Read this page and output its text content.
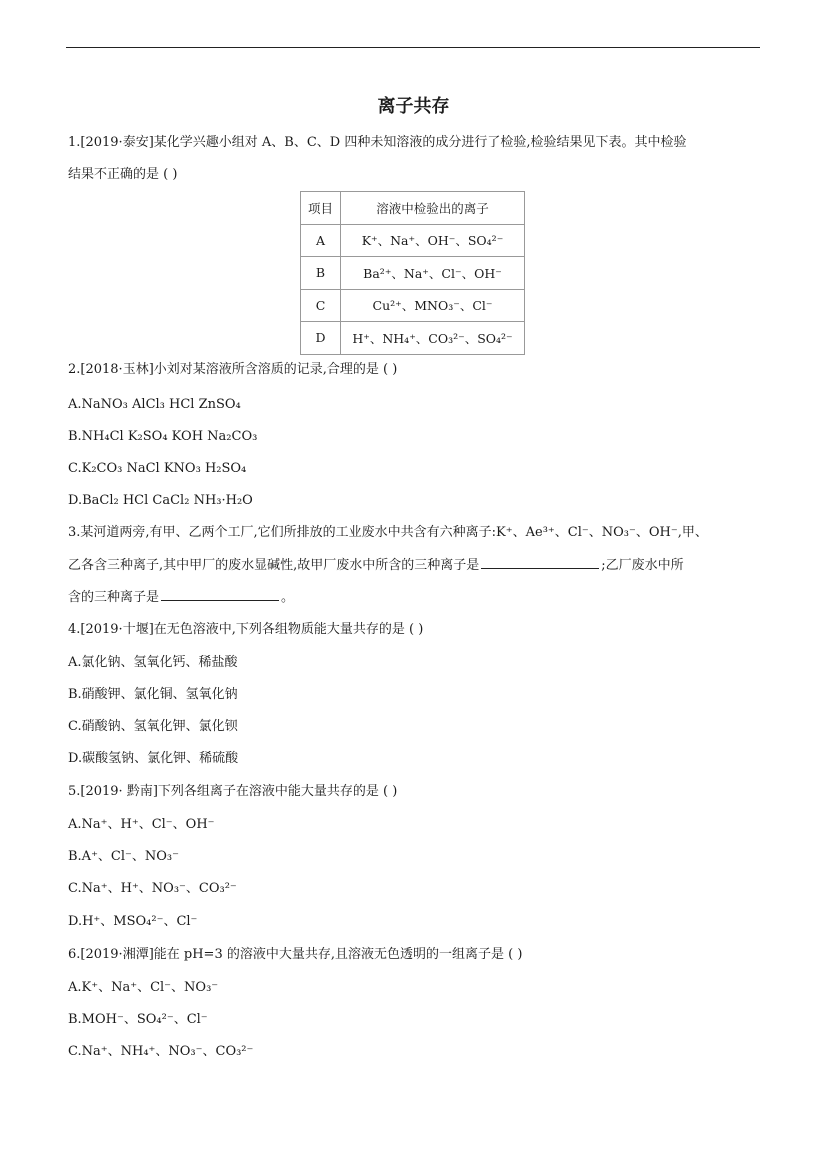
离子共存
1.[2019·泰安]某化学兴趣小组对 A、B、C、D 四种未知溶液的成分进行了检验,检验结果见下表。其中检验
结果不正确的是 ( )
项目	溶液中检验出的离子
A	K⁺、Na⁺、OH⁻、SO₄²⁻
B	Ba²⁺、Na⁺、Cl⁻、OH⁻
C	Cu²⁺、MNO₃⁻、Cl⁻
D	H⁺、NH₄⁺、CO₃²⁻、SO₄²⁻
2.[2018·玉林]小刘对某溶液所含溶质的记录,合理的是 ( )
A.NaNO₃ AlCl₃ HCl ZnSO₄
B.NH₄Cl K₂SO₄ KOH Na₂CO₃
C.K₂CO₃ NaCl KNO₃ H₂SO₄
D.BaCl₂ HCl CaCl₂ NH₃·H₂O
3.某河道两旁,有甲、乙两个工厂,它们所排放的工业废水中共含有六种离子:K⁺、Ae³⁺、Cl⁻、NO₃⁻、OH⁻,甲、
乙各含三种离子,其中甲厂的废水显碱性,故甲厂废水中所含的三种离子是	;乙厂废水中所
含的三种离子是	。
4.[2019·十堰]在无色溶液中,下列各组物质能大量共存的是 ( )
A.氯化钠、氢氧化钙、稀盐酸
B.硝酸钾、氯化铜、氢氧化钠
C.硝酸钠、氢氧化钾、氯化钡
D.碳酸氢钠、氯化钾、稀硫酸
5.[2019· 黔南]下列各组离子在溶液中能大量共存的是 ( )
A.Na⁺、H⁺、Cl⁻、OH⁻
B.A⁺、Cl⁻、NO₃⁻
C.Na⁺、H⁺、NO₃⁻、CO₃²⁻
D.H⁺、MSO₄²⁻、Cl⁻
6.[2019·湘潭]能在 pH=3 的溶液中大量共存,且溶液无色透明的一组离子是 ( )
A.K⁺、Na⁺、Cl⁻、NO₃⁻
B.MOH⁻、SO₄²⁻、Cl⁻
C.Na⁺、NH₄⁺、NO₃⁻、CO₃²⁻
